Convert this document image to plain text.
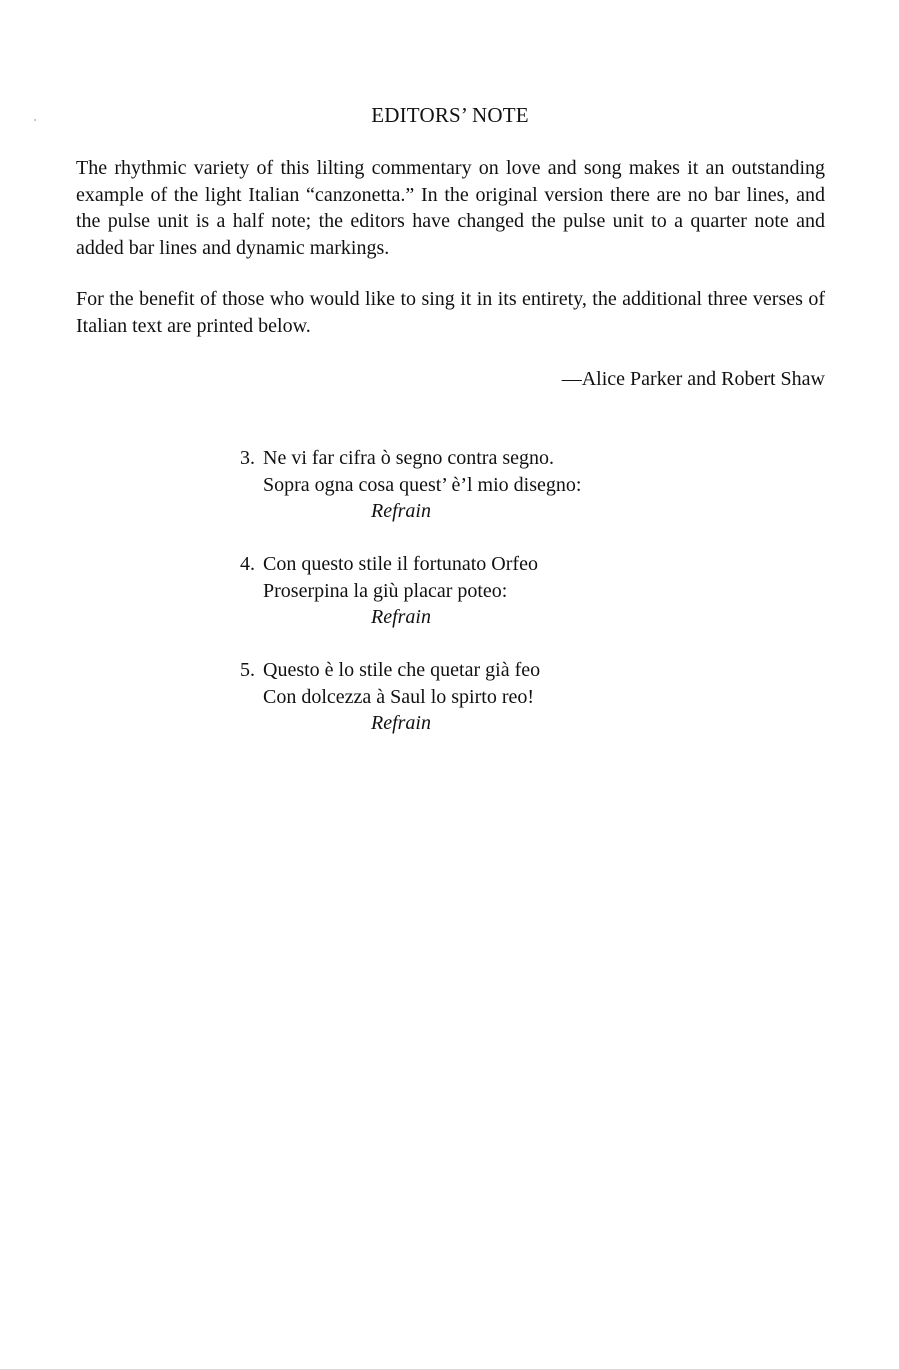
EDITORS’ NOTE

The rhythmic variety of this lilting commentary on love and song makes it an outstanding example of the light Italian “canzonetta.” In the original version there are no bar lines, and the pulse unit is a half note; the editors have changed the pulse unit to a quarter note and added bar lines and dynamic markings.

For the benefit of those who would like to sing it in its entirety, the additional three verses of Italian text are printed below.

—Alice Parker and Robert Shaw
3. Ne vi far cifra ò segno contra segno.
Sopra ogna cosa quest’ è’l mio disegno:
Refrain
4. Con questo stile il fortunato Orfeo
Proserpina la giù placar poteo:
Refrain
5. Questo è lo stile che quetar già feo
Con dolcezza à Saul lo spirto reo!
Refrain
